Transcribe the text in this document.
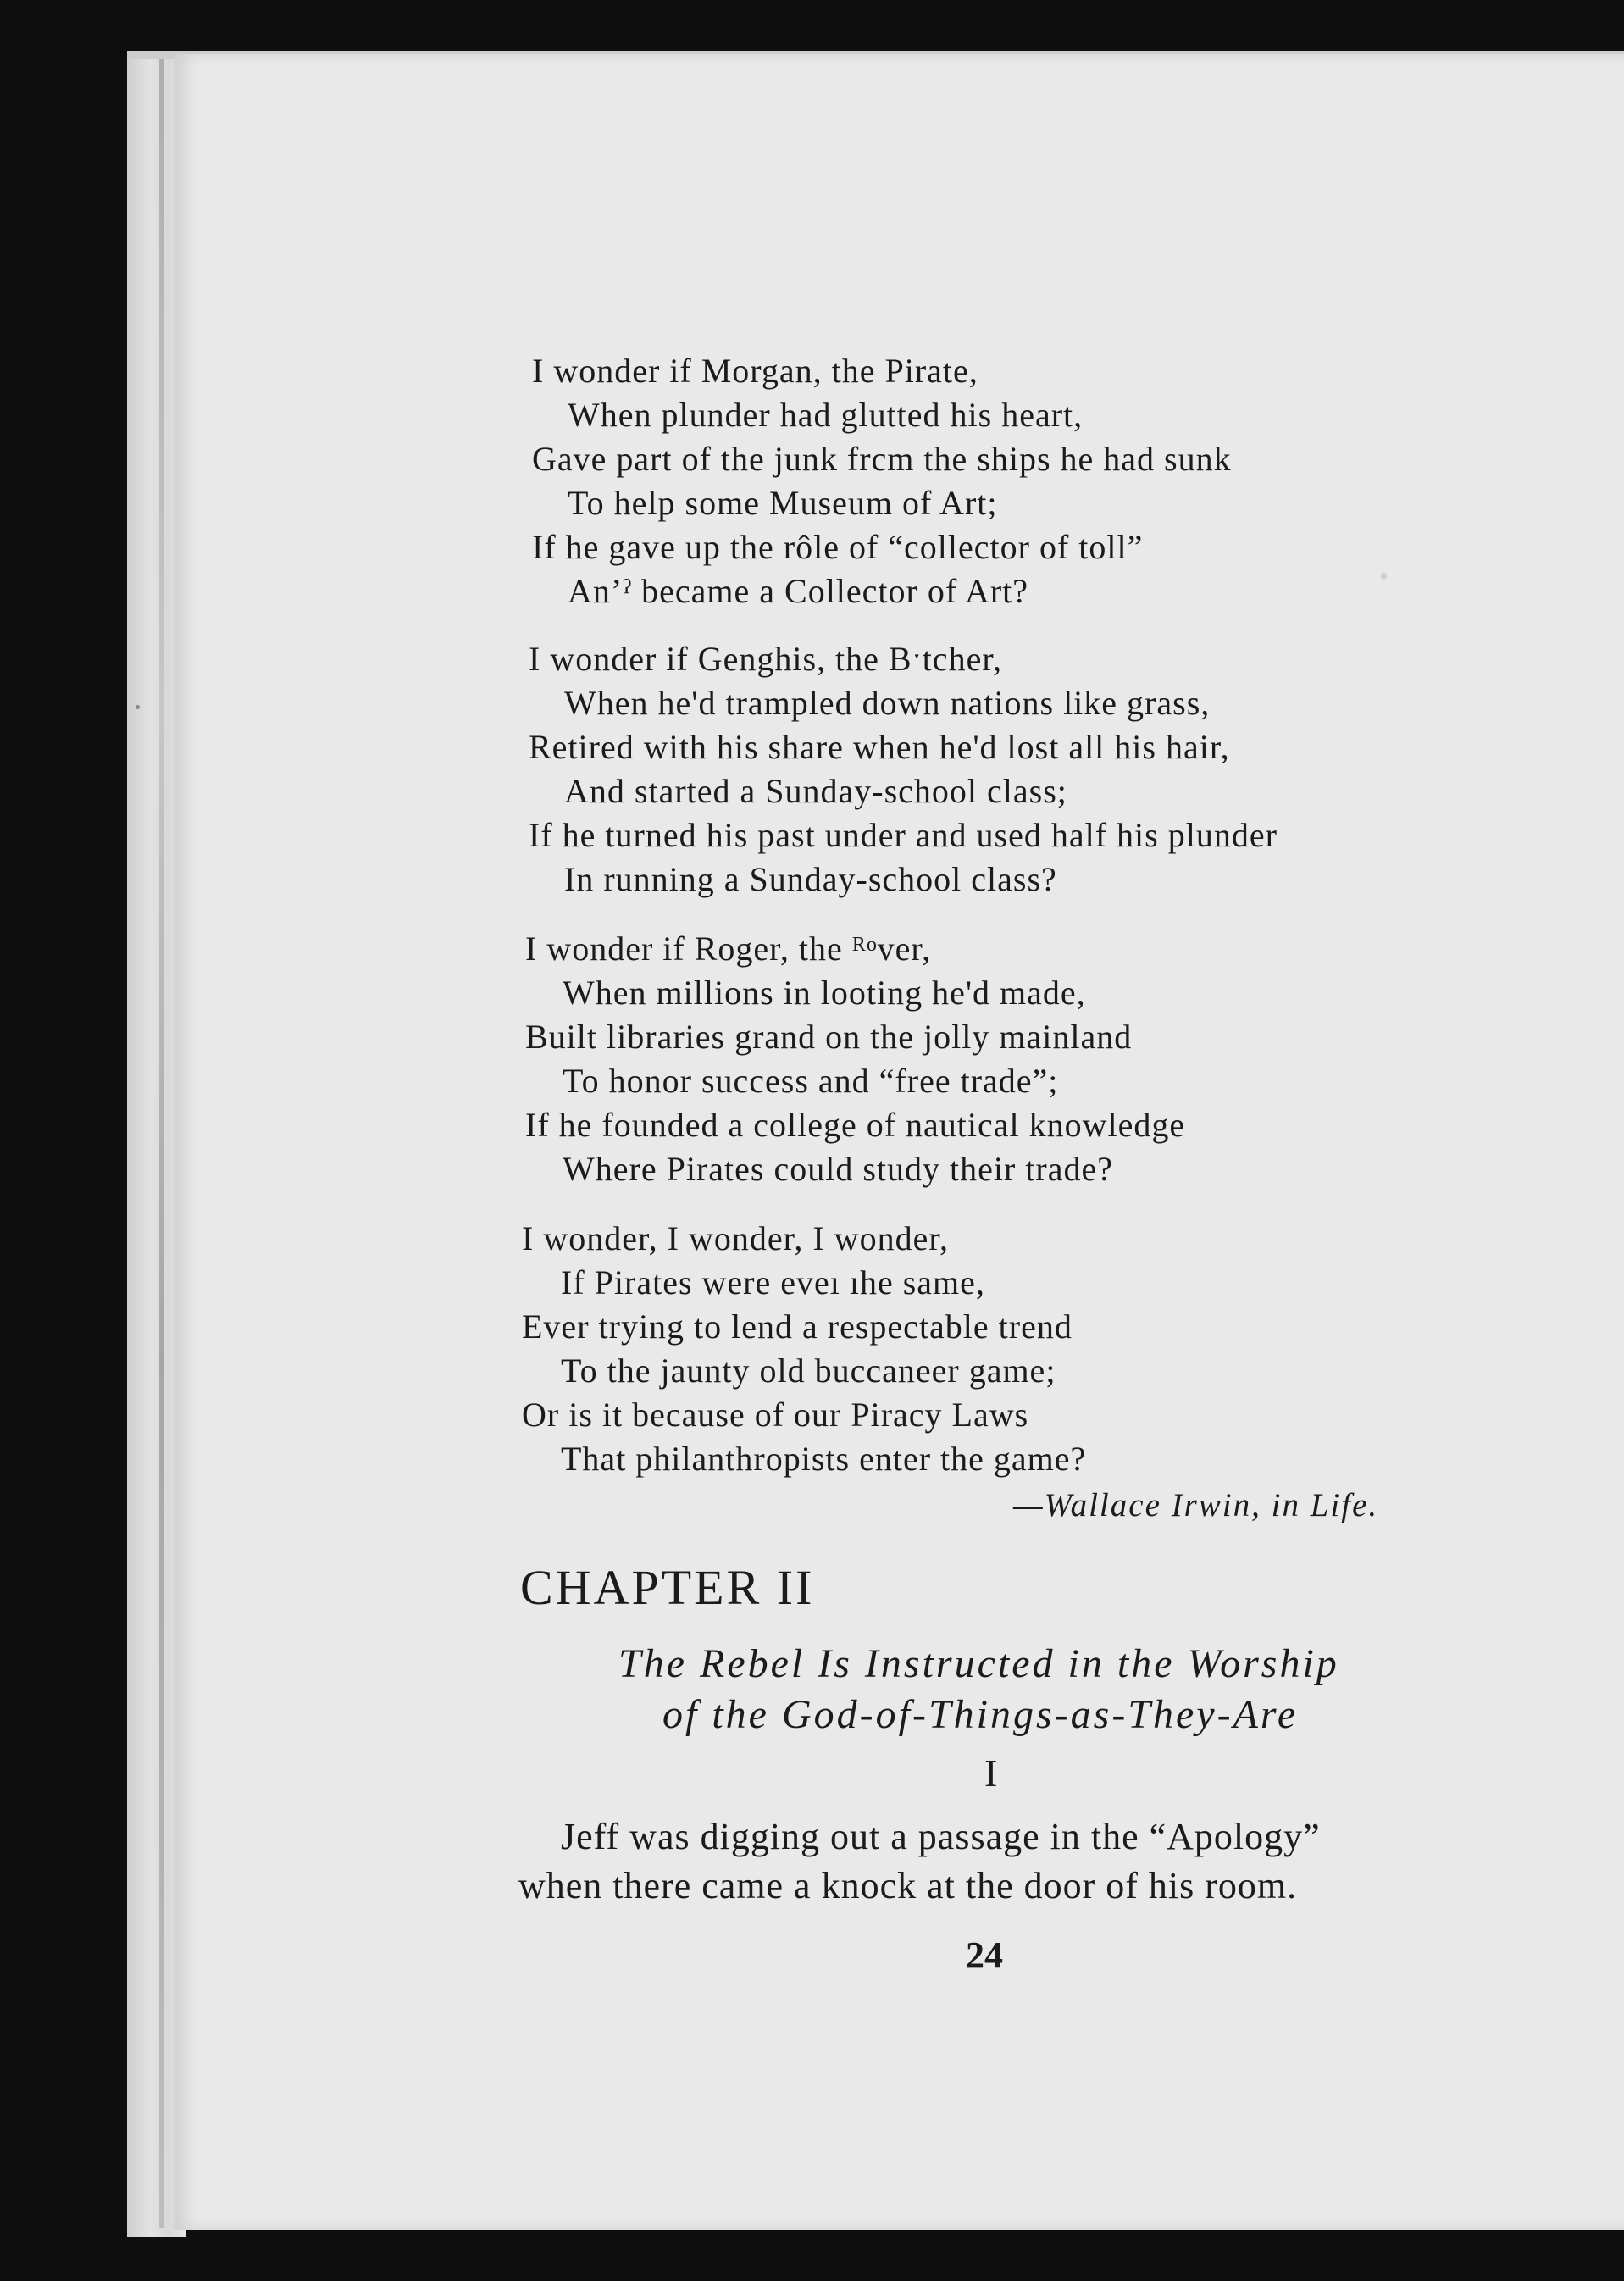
I wonder if Morgan, the Pirate,
When plunder had glutted his heart,
Gave part of the junk frcm the ships he had sunk
To help some Museum of Art;
If he gave up the rôle of “collector of toll”
Anʼˀ became a Collector of Art?
I wonder if Genghis, the Bˑtcher,
When he'd trampled down nations like grass,
Retired with his share when he'd lost all his hair,
And started a Sunday-school class;
If he turned his past under and used half his plunder
In running a Sunday-school class?
I wonder if Roger, the ᴿᵒver,
When millions in looting he'd made,
Built libraries grand on the jolly mainland
To honor success and “free trade”;
If he founded a college of nautical knowledge
Where Pirates could study their trade?
I wonder, I wonder, I wonder,
If Pirates were eveı ıhe same,
Ever trying to lend a respectable trend
To the jaunty old buccaneer game;
Or is it because of our Piracy Laws
That philanthropists enter the game?
—Wallace Irwin, in Life.
CHAPTER II
The Rebel Is Instructed in the Worship
of the God-of-Things-as-They-Are
I
Jeff was digging out a passage in the “Apology”
when there came a knock at the door of his room.
24
